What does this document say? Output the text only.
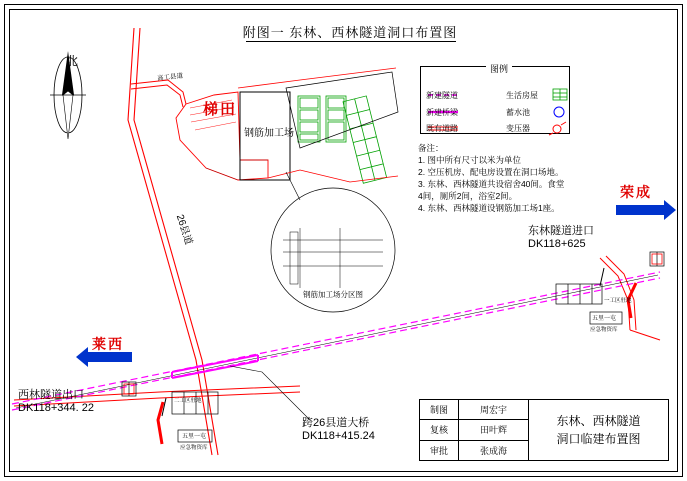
附图一 东林、西林隧道洞口布置图
图例
新建隧道	生活房屋
新建桥梁	蓄水池
既有道路	变压器
备注：
1. 图中所有尺寸以米为单位
2. 空压机房、配电房设置在洞口场地。
3. 东林、西林隧道共设宿舍40间。食堂
4间，厕所2间，浴室2间。
4. 东林、西林隧道设钢筋加工场1座。
北
梯田
钢筋加工场
钢筋加工场分区图
26县道
高工县道
东林隧道进口
DK118+625
西林隧道出口
DK118+344. 22
跨26县道大桥
DK118+415.24
荣成
莱西
五里一屯
应急物资库
五里一屯
应急物资库
一工区驻地
二工区驻地
制图	周宏宇
复核	田叶辉
审批	张成海
东林、西林隧道
洞口临建布置图
